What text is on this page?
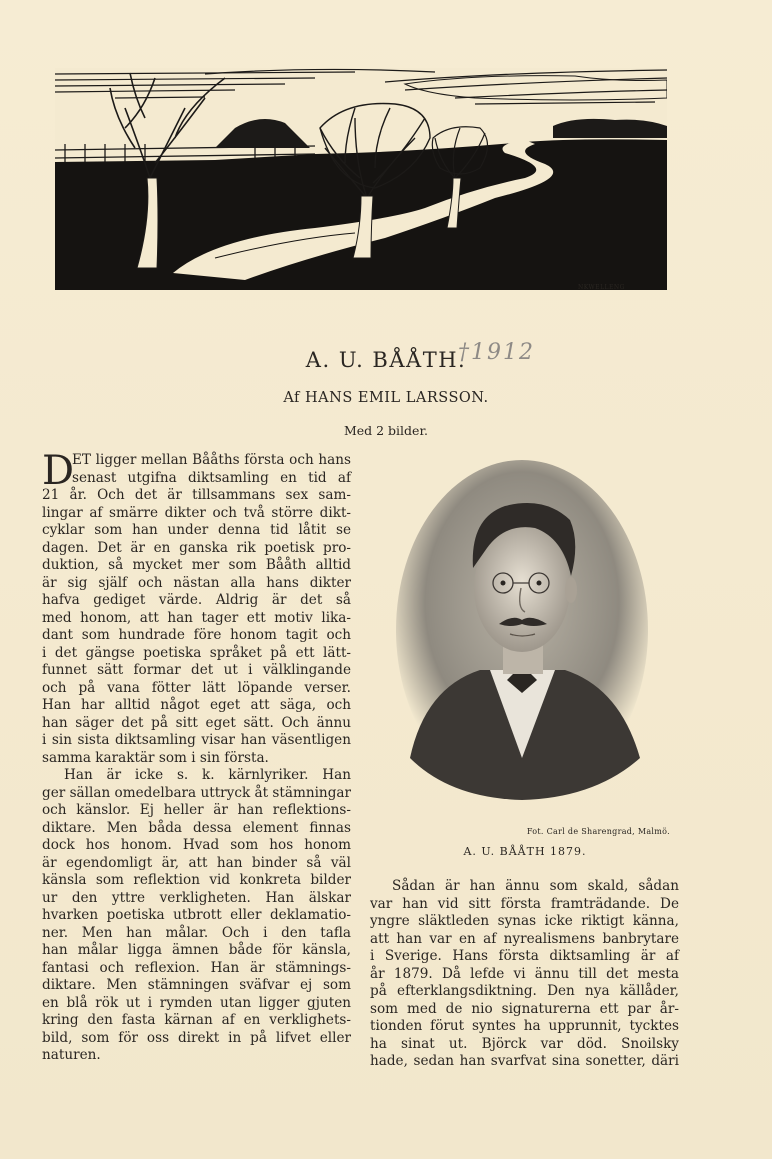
NKWELLENG
A. U. BÅÅTH.
†1912
Af HANS EMIL LARSSON.
Med 2 bilder.
D
ET ligger mellan Bååths första och hans
senast utgifna diktsamling en tid af
21 år. Och det är tillsammans sex sam-
lingar af smärre dikter och två större dikt-
cyklar som han under denna tid låtit se
dagen. Det är en ganska rik poetisk pro-
duktion, så mycket mer som Bååth alltid
är sig själf och nästan alla hans dikter
hafva gediget värde. Aldrig är det så
med honom, att han tager ett motiv lika-
dant som hundrade före honom tagit och
i det gängse poetiska språket på ett lätt-
funnet sätt formar det ut i välklingande
och på vana fötter lätt löpande verser.
Han har alltid något eget att säga, och
han säger det på sitt eget sätt. Och ännu
i sin sista diktsamling visar han väsentligen
samma karaktär som i sin första.
Han är icke s. k. kärnlyriker. Han
ger sällan omedelbara uttryck åt stämningar
och känslor. Ej heller är han reflektions-
diktare. Men båda dessa element finnas
dock hos honom. Hvad som hos honom
är egendomligt är, att han binder så väl
känsla som reflektion vid konkreta bilder
ur den yttre verkligheten. Han älskar
hvarken poetiska utbrott eller deklamatio-
ner. Men han målar. Och i den tafla
han målar ligga ämnen både för känsla,
fantasi och reflexion. Han är stämnings-
diktare. Men stämningen sväfvar ej som
en blå rök ut i rymden utan ligger gjuten
kring den fasta kärnan af en verklighets-
bild, som för oss direkt in på lifvet eller
naturen.
Fot. Carl de Sharengrad, Malmö.
A. U. BÅÅTH 1879.
Sådan är han ännu som skald, sådan
var han vid sitt första framträdande. De
yngre släktleden synas icke riktigt känna,
att han var en af nyrealismens banbrytare
i Sverige. Hans första diktsamling är af
år 1879. Då lefde vi ännu till det mesta
på efterklangsdiktning. Den nya källåder,
som med de nio signaturerna ett par år-
tionden förut syntes ha upprunnit, tycktes
ha sinat ut. Björck var död. Snoilsky
hade, sedan han svarfvat sina sonetter, däri
